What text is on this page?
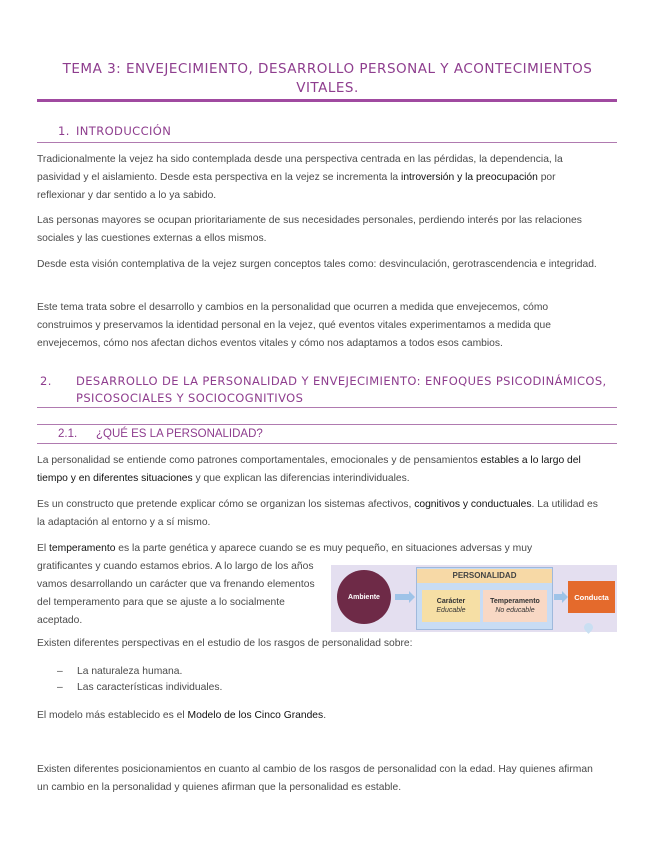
TEMA 3: ENVEJECIMIENTO, DESARROLLO PERSONAL Y ACONTECIMIENTOS VITALES.
1. INTRODUCCIÓN

Tradicionalmente la vejez ha sido contemplada desde una perspectiva centrada en las pérdidas, la dependencia, la pasividad y el aislamiento. Desde esta perspectiva en la vejez se incrementa la introversión y la preocupación por reflexionar y dar sentido a lo ya sabido.

Las personas mayores se ocupan prioritariamente de sus necesidades personales, perdiendo interés por las relaciones sociales y las cuestiones externas a ellos mismos.

Desde esta visión contemplativa de la vejez surgen conceptos tales como: desvinculación, gerotrascendencia e integridad.

Este tema trata sobre el desarrollo y cambios en la personalidad que ocurren a medida que envejecemos, cómo construimos y preservamos la identidad personal en la vejez, qué eventos vitales experimentamos a medida que envejecemos, cómo nos afectan dichos eventos vitales y cómo nos adaptamos a todos esos cambios.

2. DESARROLLO DE LA PERSONALIDAD Y ENVEJECIMIENTO: ENFOQUES PSICODINÁMICOS, PSICOSOCIALES Y SOCIOCOGNITIVOS
2.1. ¿QUÉ ES LA PERSONALIDAD?

La personalidad se entiende como patrones comportamentales, emocionales y de pensamientos estables a lo largo del tiempo y en diferentes situaciones y que explican las diferencias interindividuales.

Es un constructo que pretende explicar cómo se organizan los sistemas afectivos, cognitivos y conductuales. La utilidad es la adaptación al entorno y a sí mismo.

El temperamento es la parte genética y aparece cuando se es muy pequeño, en situaciones adversas y muy

gratificantes y cuando estamos ebrios. A lo largo de los años vamos desarrollando un carácter que va frenando elementos del temperamento para que se ajuste a lo socialmente aceptado.

Ambiente
PERSONALIDAD
Carácter
Educable
Temperamento
No educable
Conducta

Existen diferentes perspectivas en el estudio de los rasgos de personalidad sobre:

– La naturaleza humana.

– Las características individuales.

El modelo más establecido es el Modelo de los Cinco Grandes.

Existen diferentes posicionamientos en cuanto al cambio de los rasgos de personalidad con la edad. Hay quienes afirman un cambio en la personalidad y quienes afirman que la personalidad es estable.
